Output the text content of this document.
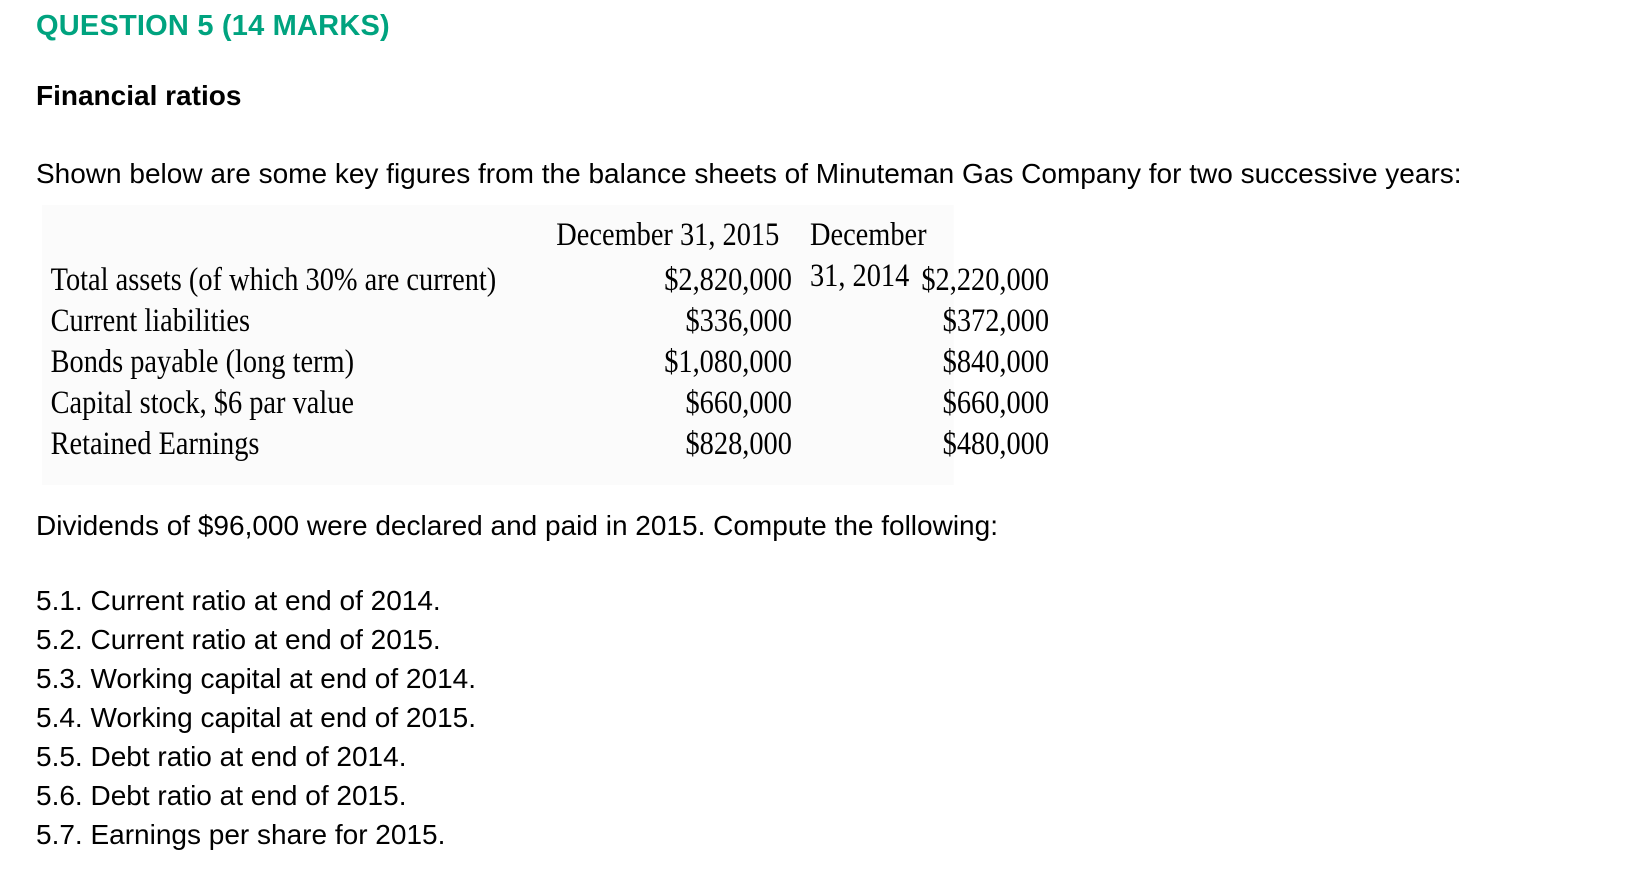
QUESTION 5 (14 MARKS)
Financial ratios
Shown below are some key figures from the balance sheets of Minuteman Gas Company for two successive years:
December 31, 2015 December 31, 2014
Total assets (of which 30% are current)
Current liabilities
Bonds payable (long term)
Capital stock, $6 par value
Retained Earnings
$2,820,000
$336,000
$1,080,000
$660,000
$828,000
$2,220,000
$372,000
$840,000
$660,000
$480,000
Dividends of $96,000 were declared and paid in 2015. Compute the following:
5.1. Current ratio at end of 2014.
5.2. Current ratio at end of 2015.
5.3. Working capital at end of 2014.
5.4. Working capital at end of 2015.
5.5. Debt ratio at end of 2014.
5.6. Debt ratio at end of 2015.
5.7. Earnings per share for 2015.
